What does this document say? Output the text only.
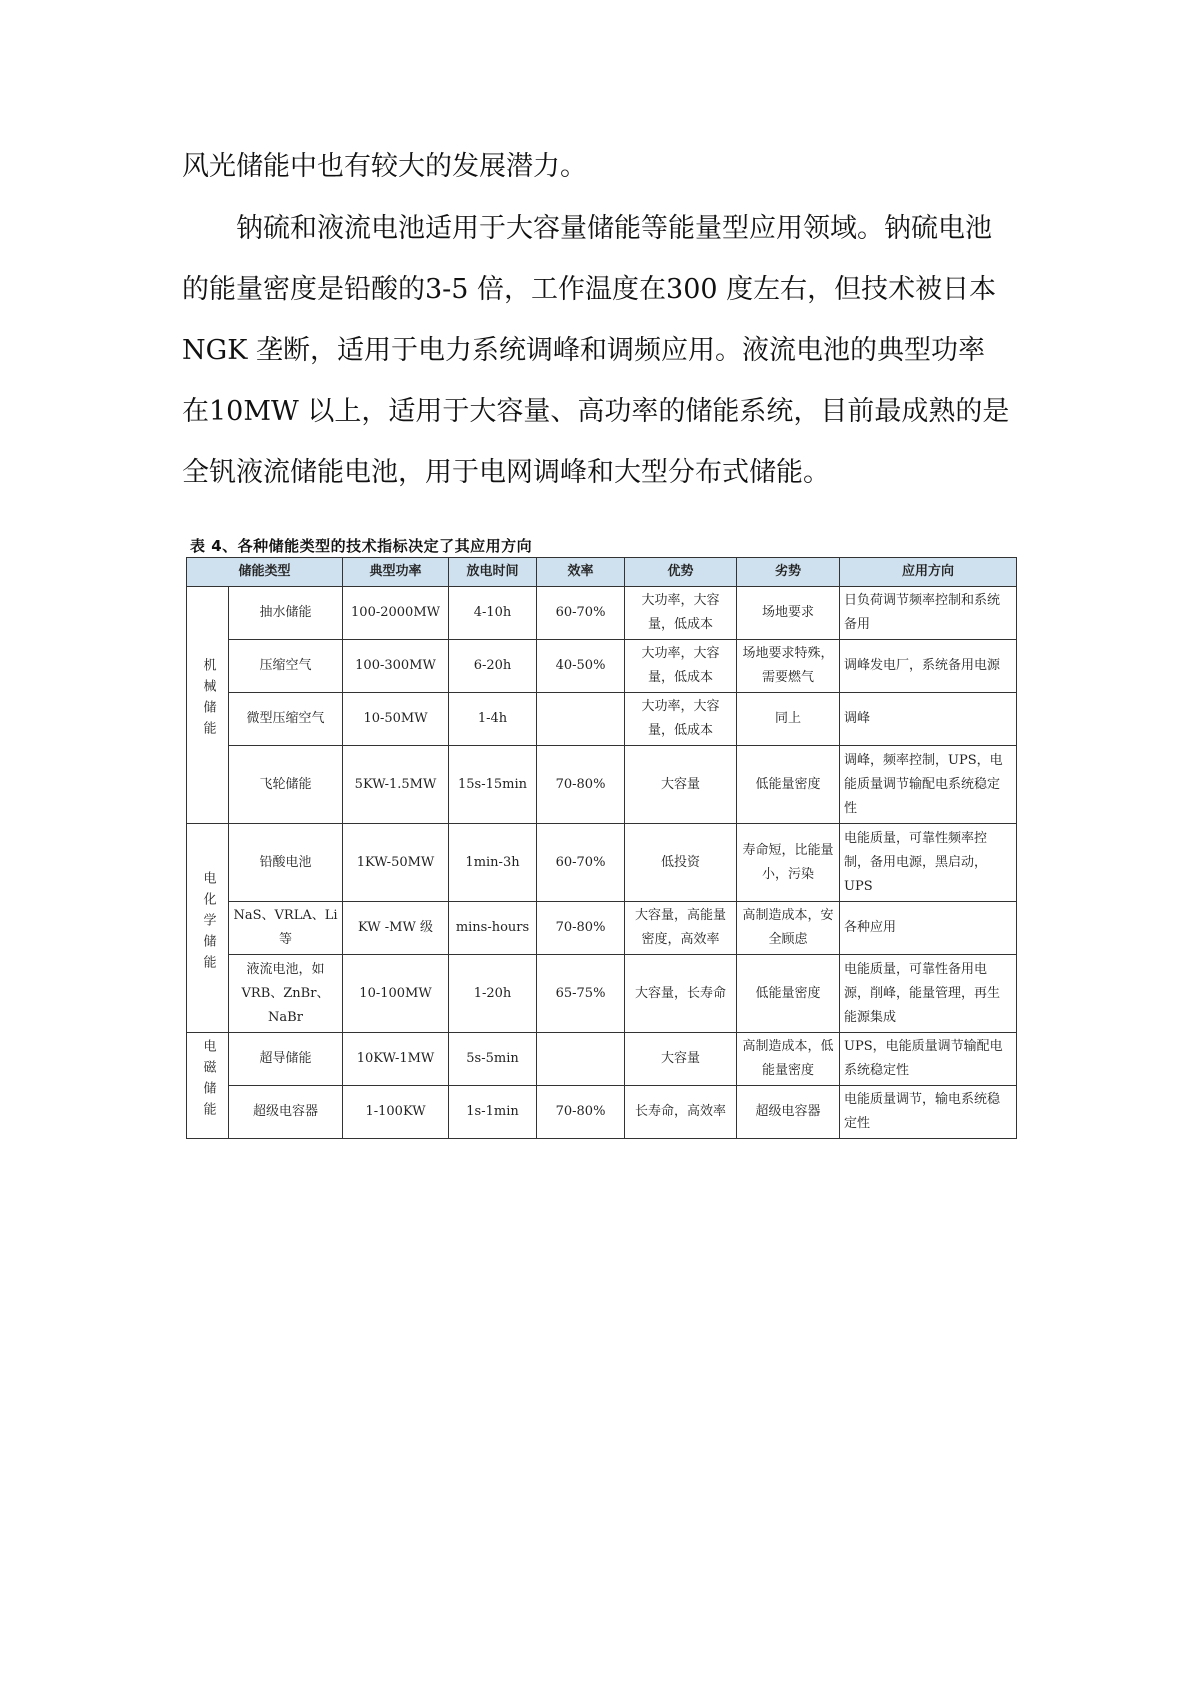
风光储能中也有较大的发展潜力。
钠硫和液流电池适用于大容量储能等能量型应用领域。钠硫电池
的能量密度是铅酸的3-5 倍，工作温度在300 度左右，但技术被日本
NGK 垄断，适用于电力系统调峰和调频应用。液流电池的典型功率
在10MW 以上，适用于大容量、高功率的储能系统，目前最成熟的是
全钒液流储能电池，用于电网调峰和大型分布式储能。
表 4、各种储能类型的技术指标决定了其应用方向
储能类型		典型功率	放电时间	效率	优势	劣势	应用方向
机械储能	抽水储能	100-2000MW	4-10h	60-70%	大功率，大容量，低成本	场地要求	日负荷调节频率控制和系统备用
	压缩空气	100-300MW	6-20h	40-50%	大功率，大容量，低成本	场地要求特殊，需要燃气	调峰发电厂，系统备用电源
	微型压缩空气	10-50MW	1-4h		大功率，大容量，低成本	同上	调峰
	飞轮储能	5KW-1.5MW	15s-15min	70-80%	大容量	低能量密度	调峰，频率控制，UPS，电能质量调节输配电系统稳定性
电化学储能	铅酸电池	1KW-50MW	1min-3h	60-70%	低投资	寿命短，比能量小，污染	电能质量，可靠性频率控制，备用电源，黑启动，UPS
	NaS、VRLA、Li 等	KW -MW 级	mins-hours	70-80%	大容量，高能量密度，高效率	高制造成本，安全顾虑	各种应用
	液流电池，如 VRB、ZnBr、NaBr	10-100MW	1-20h	65-75%	大容量，长寿命	低能量密度	电能质量，可靠性备用电源，削峰，能量管理，再生能源集成
电磁储能	超导储能	10KW-1MW	5s-5min		大容量	高制造成本，低能量密度	UPS，电能质量调节输配电系统稳定性
	超级电容器	1-100KW	1s-1min	70-80%	长寿命，高效率	超级电容器	电能质量调节，输电系统稳定性
